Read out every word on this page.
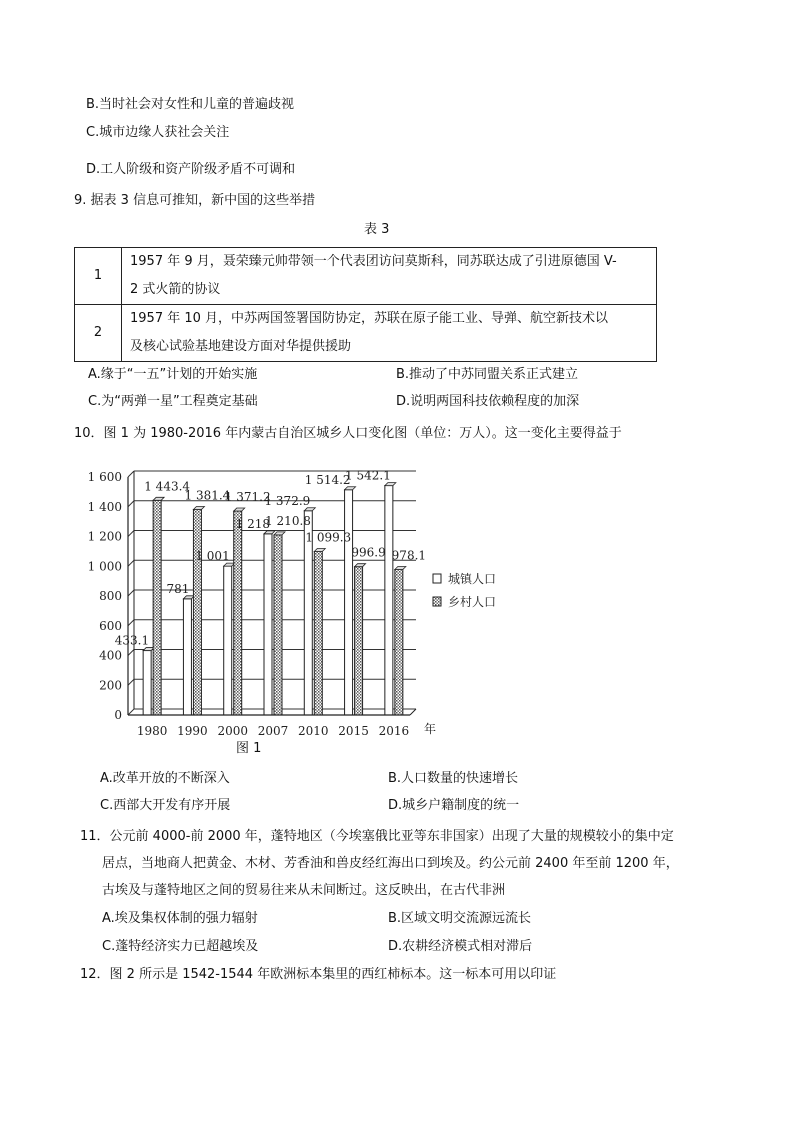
B.当时社会对女性和儿童的普遍歧视
C.城市边缘人获社会关注
D.工人阶级和资产阶级矛盾不可调和
9. 据表 3 信息可推知，新中国的这些举措
表 3
1	1957 年 9 月，聂荣臻元帅带领一个代表团访问莫斯科，同苏联达成了引进原德国 V-
2 式火箭的协议

2	1957 年 10 月，中苏两国签署国防协定，苏联在原子能工业、导弹、航空新技术以
及核心试验基地建设方面对华提供援助
A.缘于“一五”计划的开始实施	B.推动了中苏同盟关系正式建立
C.为“两弹一星”工程奠定基础	D.说明两国科技依赖程度的加深
10．图 1 为 1980-2016 年内蒙古自治区城乡人口变化图（单位：万人）。这一变化主要得益于
433.1
1 443.4
781
1 381.4
1 001
1 371.2
1 218
1 210.8
1 372.9
1 099.3
1 514.2
996.9
1 542.1
978.1
0
200
400
600
800
1 000
1 200
1 400
1 600
1980 1990 2000 2007 2010 2015 2016 年
城镇人口
乡村人口
图 1
A.改革开放的不断深入	B.人口数量的快速增长
C.西部大开发有序开展	D.城乡户籍制度的统一
11．公元前 4000-前 2000 年，蓬特地区（今埃塞俄比亚等东非国家）出现了大量的规模较小的集中定
居点，当地商人把黄金、木材、芳香油和兽皮经红海出口到埃及。约公元前 2400 年至前 1200 年，
古埃及与蓬特地区之间的贸易往来从未间断过。这反映出，在古代非洲
A.埃及集权体制的强力辐射	B.区域文明交流源远流长
C.蓬特经济实力已超越埃及	D.农耕经济模式相对滞后
12．图 2 所示是 1542-1544 年欧洲标本集里的西红柿标本。这一标本可用以印证
